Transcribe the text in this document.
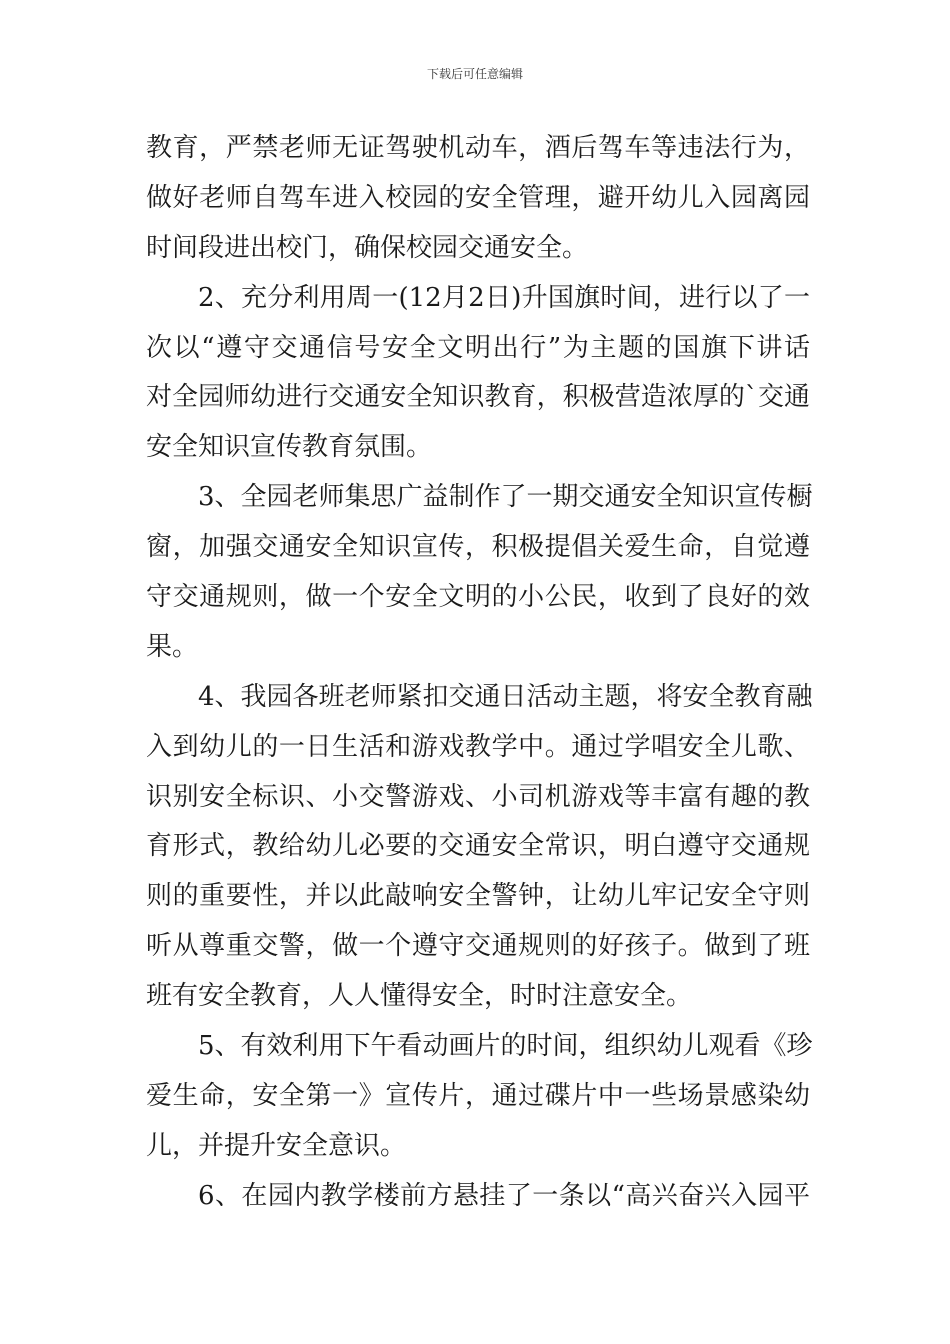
下载后可任意编辑
教育，严禁老师无证驾驶机动车，酒后驾车等违法行为，
做好老师自驾车进入校园的安全管理，避开幼儿入园离园
时间段进出校门，确保校园交通安全。
2、充分利用周一(12月2日)升国旗时间，进行以了一
次以“遵守交通信号安全文明出行”为主题的国旗下讲话
对全园师幼进行交通安全知识教育，积极营造浓厚的`交通
安全知识宣传教育氛围。
3、全园老师集思广益制作了一期交通安全知识宣传橱
窗，加强交通安全知识宣传，积极提倡关爱生命，自觉遵
守交通规则，做一个安全文明的小公民，收到了良好的效
果。
4、我园各班老师紧扣交通日活动主题，将安全教育融
入到幼儿的一日生活和游戏教学中。通过学唱安全儿歌、
识别安全标识、小交警游戏、小司机游戏等丰富有趣的教
育形式，教给幼儿必要的交通安全常识，明白遵守交通规
则的重要性，并以此敲响安全警钟，让幼儿牢记安全守则
听从尊重交警，做一个遵守交通规则的好孩子。做到了班
班有安全教育，人人懂得安全，时时注意安全。
5、有效利用下午看动画片的时间，组织幼儿观看《珍
爱生命，安全第一》宣传片，通过碟片中一些场景感染幼
儿，并提升安全意识。
6、在园内教学楼前方悬挂了一条以“高兴奋兴入园平
